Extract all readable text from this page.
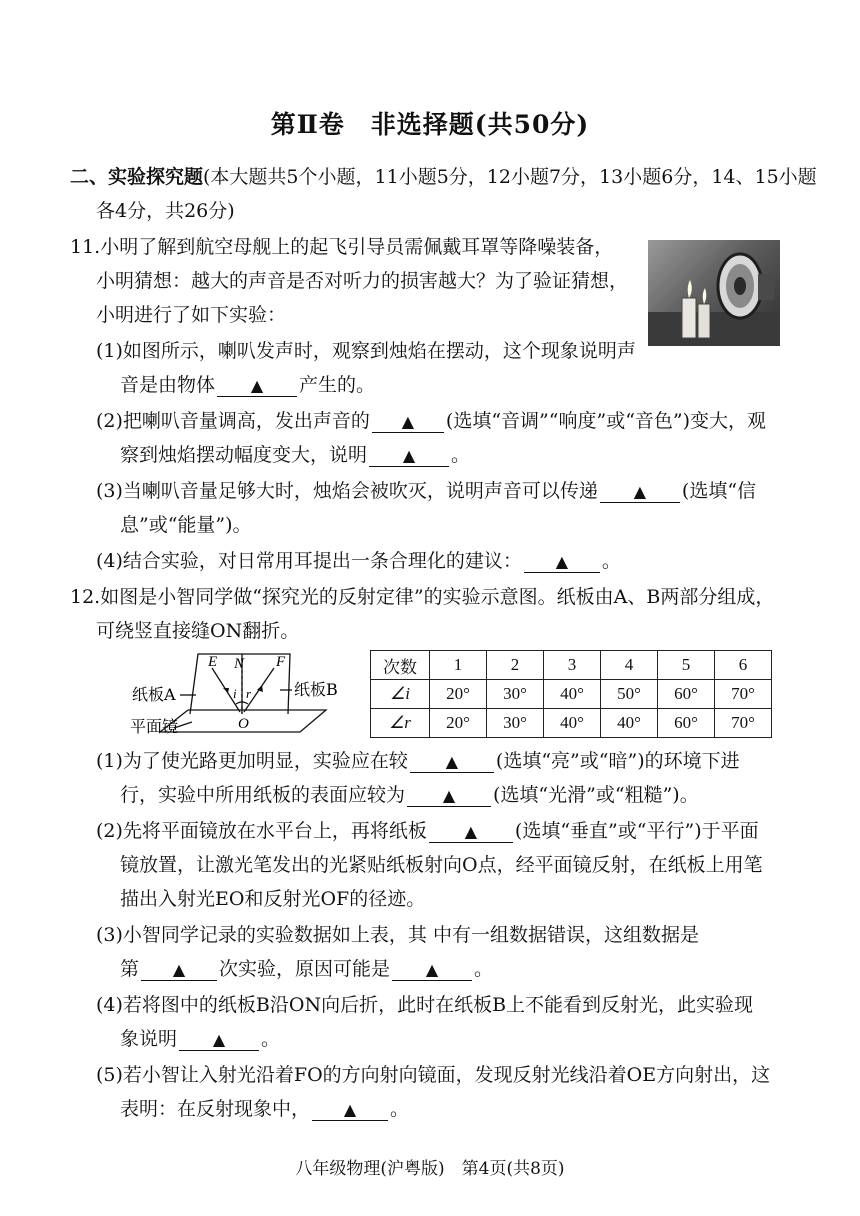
第Ⅱ卷　非选择题(共50分)
二、实验探究题(本大题共5个小题，11小题5分，12小题7分，13小题6分，14、15小题
各4分，共26分)
11.小明了解到航空母舰上的起飞引导员需佩戴耳罩等降噪装备，
小明猜想：越大的声音是否对听力的损害越大？为了验证猜想，
小明进行了如下实验：
(1)如图所示，喇叭发声时，观察到烛焰在摆动，这个现象说明声
音是由物体 ▲ 产生的。
(2)把喇叭音量调高，发出声音的 ▲ (选填“音调”“响度”或“音色”)变大，观
察到烛焰摆动幅度变大，说明 ▲ 。
(3)当喇叭音量足够大时，烛焰会被吹灭，说明声音可以传递 ▲ (选填“信
息”或“能量”)。
(4)结合实验，对日常用耳提出一条合理化的建议： ▲ 。
12.如图是小智同学做“探究光的反射定律”的实验示意图。纸板由A、B两部分组成，
可绕竖直接缝ON翻折。
E N F
i r
O
纸板A	纸板B
平面镜
次数	1	2	3	4	5	6
∠i	20°	30°	40°	50°	60°	70°
∠r	20°	30°	40°	40°	60°	70°
(1)为了使光路更加明显，实验应在较 ▲ (选填“亮”或“暗”)的环境下进
行，实验中所用纸板的表面应较为 ▲ (选填“光滑”或“粗糙”)。
(2)先将平面镜放在水平台上，再将纸板 ▲ (选填“垂直”或“平行”)于平面
镜放置，让激光笔发出的光紧贴纸板射向O点，经平面镜反射，在纸板上用笔
描出入射光EO和反射光OF的径迹。
(3)小智同学记录的实验数据如上表，其 中有一组数据错误，这组数据是
第 ▲ 次实验，原因可能是 ▲ 。
(4)若将图中的纸板B沿ON向后折，此时在纸板B上不能看到反射光，此实验现
象说明 ▲ 。
(5)若小智让入射光沿着FO的方向射向镜面，发现反射光线沿着OE方向射出，这
表明：在反射现象中， ▲ 。
八年级物理(沪粤版)　第4页(共8页)
